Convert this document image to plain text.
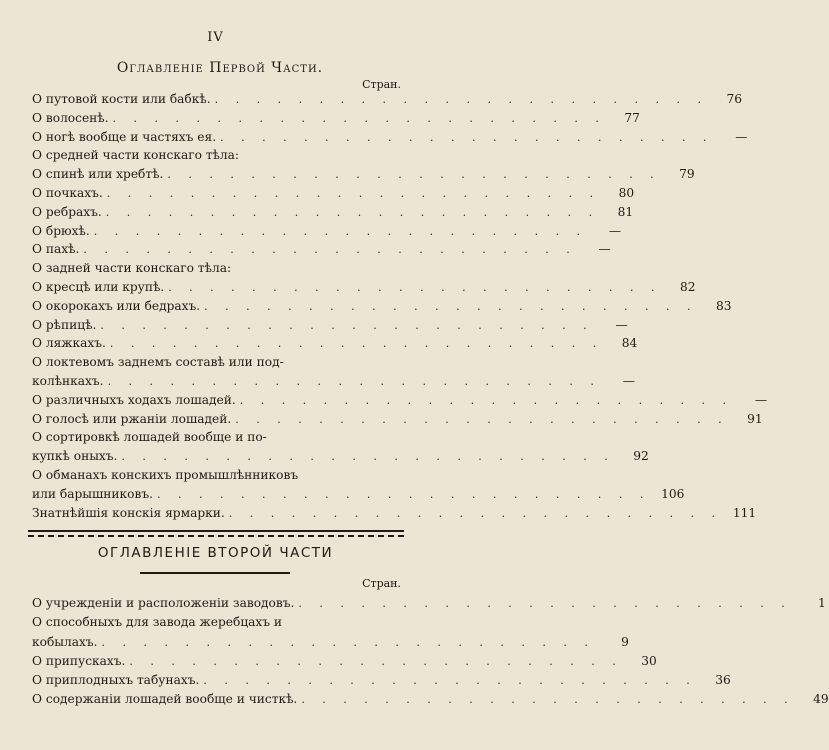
IV
Оглавленіе Первой Части.
Стран.
О путовой кости или бабкѣ. . . . . . . . . . . . . . . . . . . . . . . . .	76
О волосенѣ. . . . . . . . . . . . . . . . . . . . . . . . .	77
О ногѣ вообще и частяхъ ея. . . . . . . . . . . . . . . . . . . . . . . . .	—
О средней части конскаго тѣла:
О спинѣ или хребтѣ. . . . . . . . . . . . . . . . . . . . . . . . .	79
О почкахъ. . . . . . . . . . . . . . . . . . . . . . . . .	80
О ребрахъ. . . . . . . . . . . . . . . . . . . . . . . . .	81
О брюхѣ. . . . . . . . . . . . . . . . . . . . . . . . .	—
О пахѣ. . . . . . . . . . . . . . . . . . . . . . . . .	—
О задней части конскаго тѣла:
О кресцѣ или крупѣ. . . . . . . . . . . . . . . . . . . . . . . . .	82
О окорокахъ или бедрахъ. . . . . . . . . . . . . . . . . . . . . . . . .	83
О рѣпицѣ. . . . . . . . . . . . . . . . . . . . . . . . .	—
О ляжкахъ. . . . . . . . . . . . . . . . . . . . . . . . .	84
О локтевомъ заднемъ составѣ или под-
колѣнкахъ. . . . . . . . . . . . . . . . . . . . . . . . .	—
О различныхъ ходахъ лошадей. . . . . . . . . . . . . . . . . . . . . . . . .	—
О голосѣ или ржаніи лошадей. . . . . . . . . . . . . . . . . . . . . . . . .	91
О сортировкѣ лошадей вообще и по-
купкѣ оныхъ. . . . . . . . . . . . . . . . . . . . . . . . .	92
О обманахъ конскихъ промышлѣнниковъ
или барышниковъ. . . . . . . . . . . . . . . . . . . . . . . . . 106
Знатнѣйшія конскія ярмарки. . . . . . . . . . . . . . . . . . . . . . . . . 111
ОГЛАВЛЕНІЕ ВТОРОЙ ЧАСТИ
Стран.
О учрежденіи и расположеніи заводовъ. . . . . . . . . . . . . . . . . . . . . . . . .	1
О способныхъ для завода жеребцахъ и
кобылахъ. . . . . . . . . . . . . . . . . . . . . . . . .	9
О припускахъ. . . . . . . . . . . . . . . . . . . . . . . . .	30
О приплодныхъ табунахъ. . . . . . . . . . . . . . . . . . . . . . . . .	36
О содержаніи лошадей вообще и чисткѣ. . . . . . . . . . . . . . . . . . . . . . . . .	49
